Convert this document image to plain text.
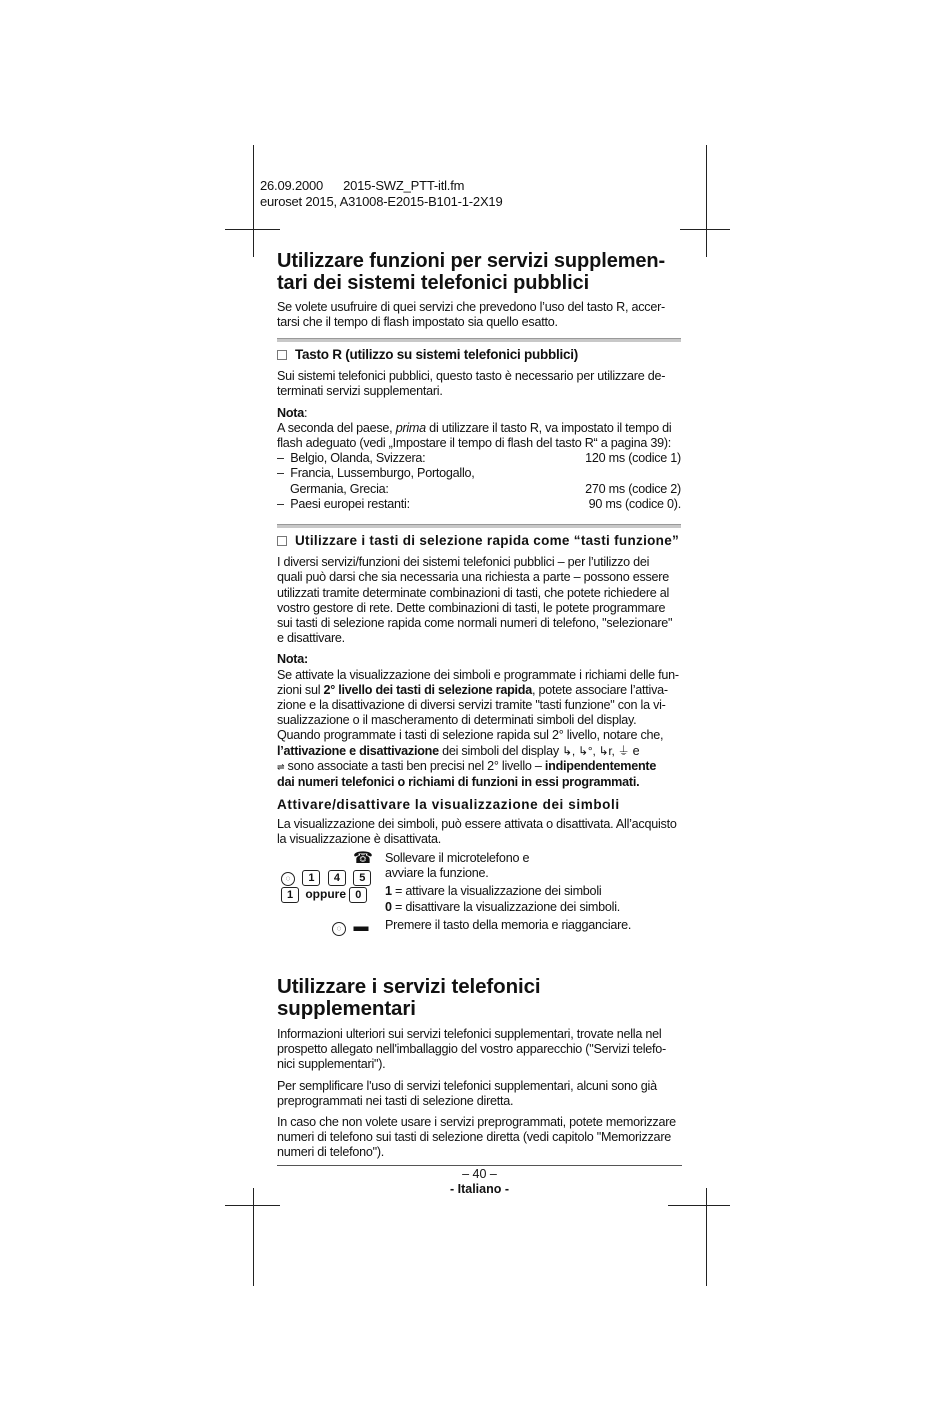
26.09.2000 2015-SWZ_PTT-itl.fm
euroset 2015, A31008-E2015-B101-1-2X19
Utilizzare funzioni per servizi supplemen-
tari dei sistemi telefonici pubblici

Se volete usufruire di quei servizi che prevedono l’uso del tasto R, accer-
tarsi che il tempo di flash impostato sia quello esatto.

Tasto R (utilizzo su sistemi telefonici pubblici)

Sui sistemi telefonici pubblici, questo tasto è necessario per utilizzare de-
terminati servizi supplementari.

Nota:
A seconda del paese, prima di utilizzare il tasto R, va impostato il tempo di
flash adeguato (vedi „Impostare il tempo di flash del tasto R“ a pagina 39):

–  Belgio, Olanda, Svizzera:	120 ms (codice 1)
–  Francia, Lussemburgo, Portogallo,
Germania, Grecia:	270 ms (codice 2)
–  Paesi europei restanti:	90 ms (codice 0).
Utilizzare i tasti di selezione rapida come “tasti funzione”

I diversi servizi/funzioni dei sistemi telefonici pubblici – per l’utilizzo dei
quali può darsi che sia necessaria una richiesta a parte – possono essere
utilizzati tramite determinate combinazioni di tasti, che potete richiedere al
vostro gestore di rete. Dette combinazioni di tasti, le potete programmare
sui tasti di selezione rapida come normali numeri di telefono, "selezionare"
e disattivare.

Nota:
Se attivate la visualizzazione dei simboli e programmate i richiami delle fun-
zioni sul 2° livello dei tasti di selezione rapida, potete associare l’attiva-
zione e la disattivazione di diversi servizi tramite "tasti funzione" con la vi-
sualizzazione o il mascheramento di determinati simboli del display.
Quando programmate i tasti di selezione rapida sul 2° livello, notare che,
l’attivazione e disattivazione dei simboli del display ↳, ↳°, ↳r, ⏚ e
⇌ sono associate a tasti ben precisi nel 2° livello – indipendentemente
dai numeri telefonici o richiami di funzioni in essi programmati.

Attivare/disattivare la visualizzazione dei simboli

La visualizzazione dei simboli, può essere attivata o disattivata. All’acquisto
la visualizzazione è disattivata.

☎
◌ 1 4 5
1 oppure 0
◌ ▬
Sollevare il microtelefono e
avviare la funzione.
1 = attivare la visualizzazione dei simboli
0 = disattivare la visualizzazione dei simboli.
Premere il tasto della memoria e riagganciare.
Utilizzare i servizi telefonici supplementari

Informazioni ulteriori sui servizi telefonici supplementari, trovate nella nel
prospetto allegato nell'imballaggio del vostro apparecchio ("Servizi telefo-
nici supplementari").

Per semplificare l'uso di servizi telefonici supplementari, alcuni sono già
preprogrammati nei tasti di selezione diretta.

In caso che non volete usare i servizi preprogrammati, potete memorizzare
numeri di telefono sui tasti di selezione diretta (vedi capitolo "Memorizzare
numeri di telefono").

– 40 –
- Italiano -
